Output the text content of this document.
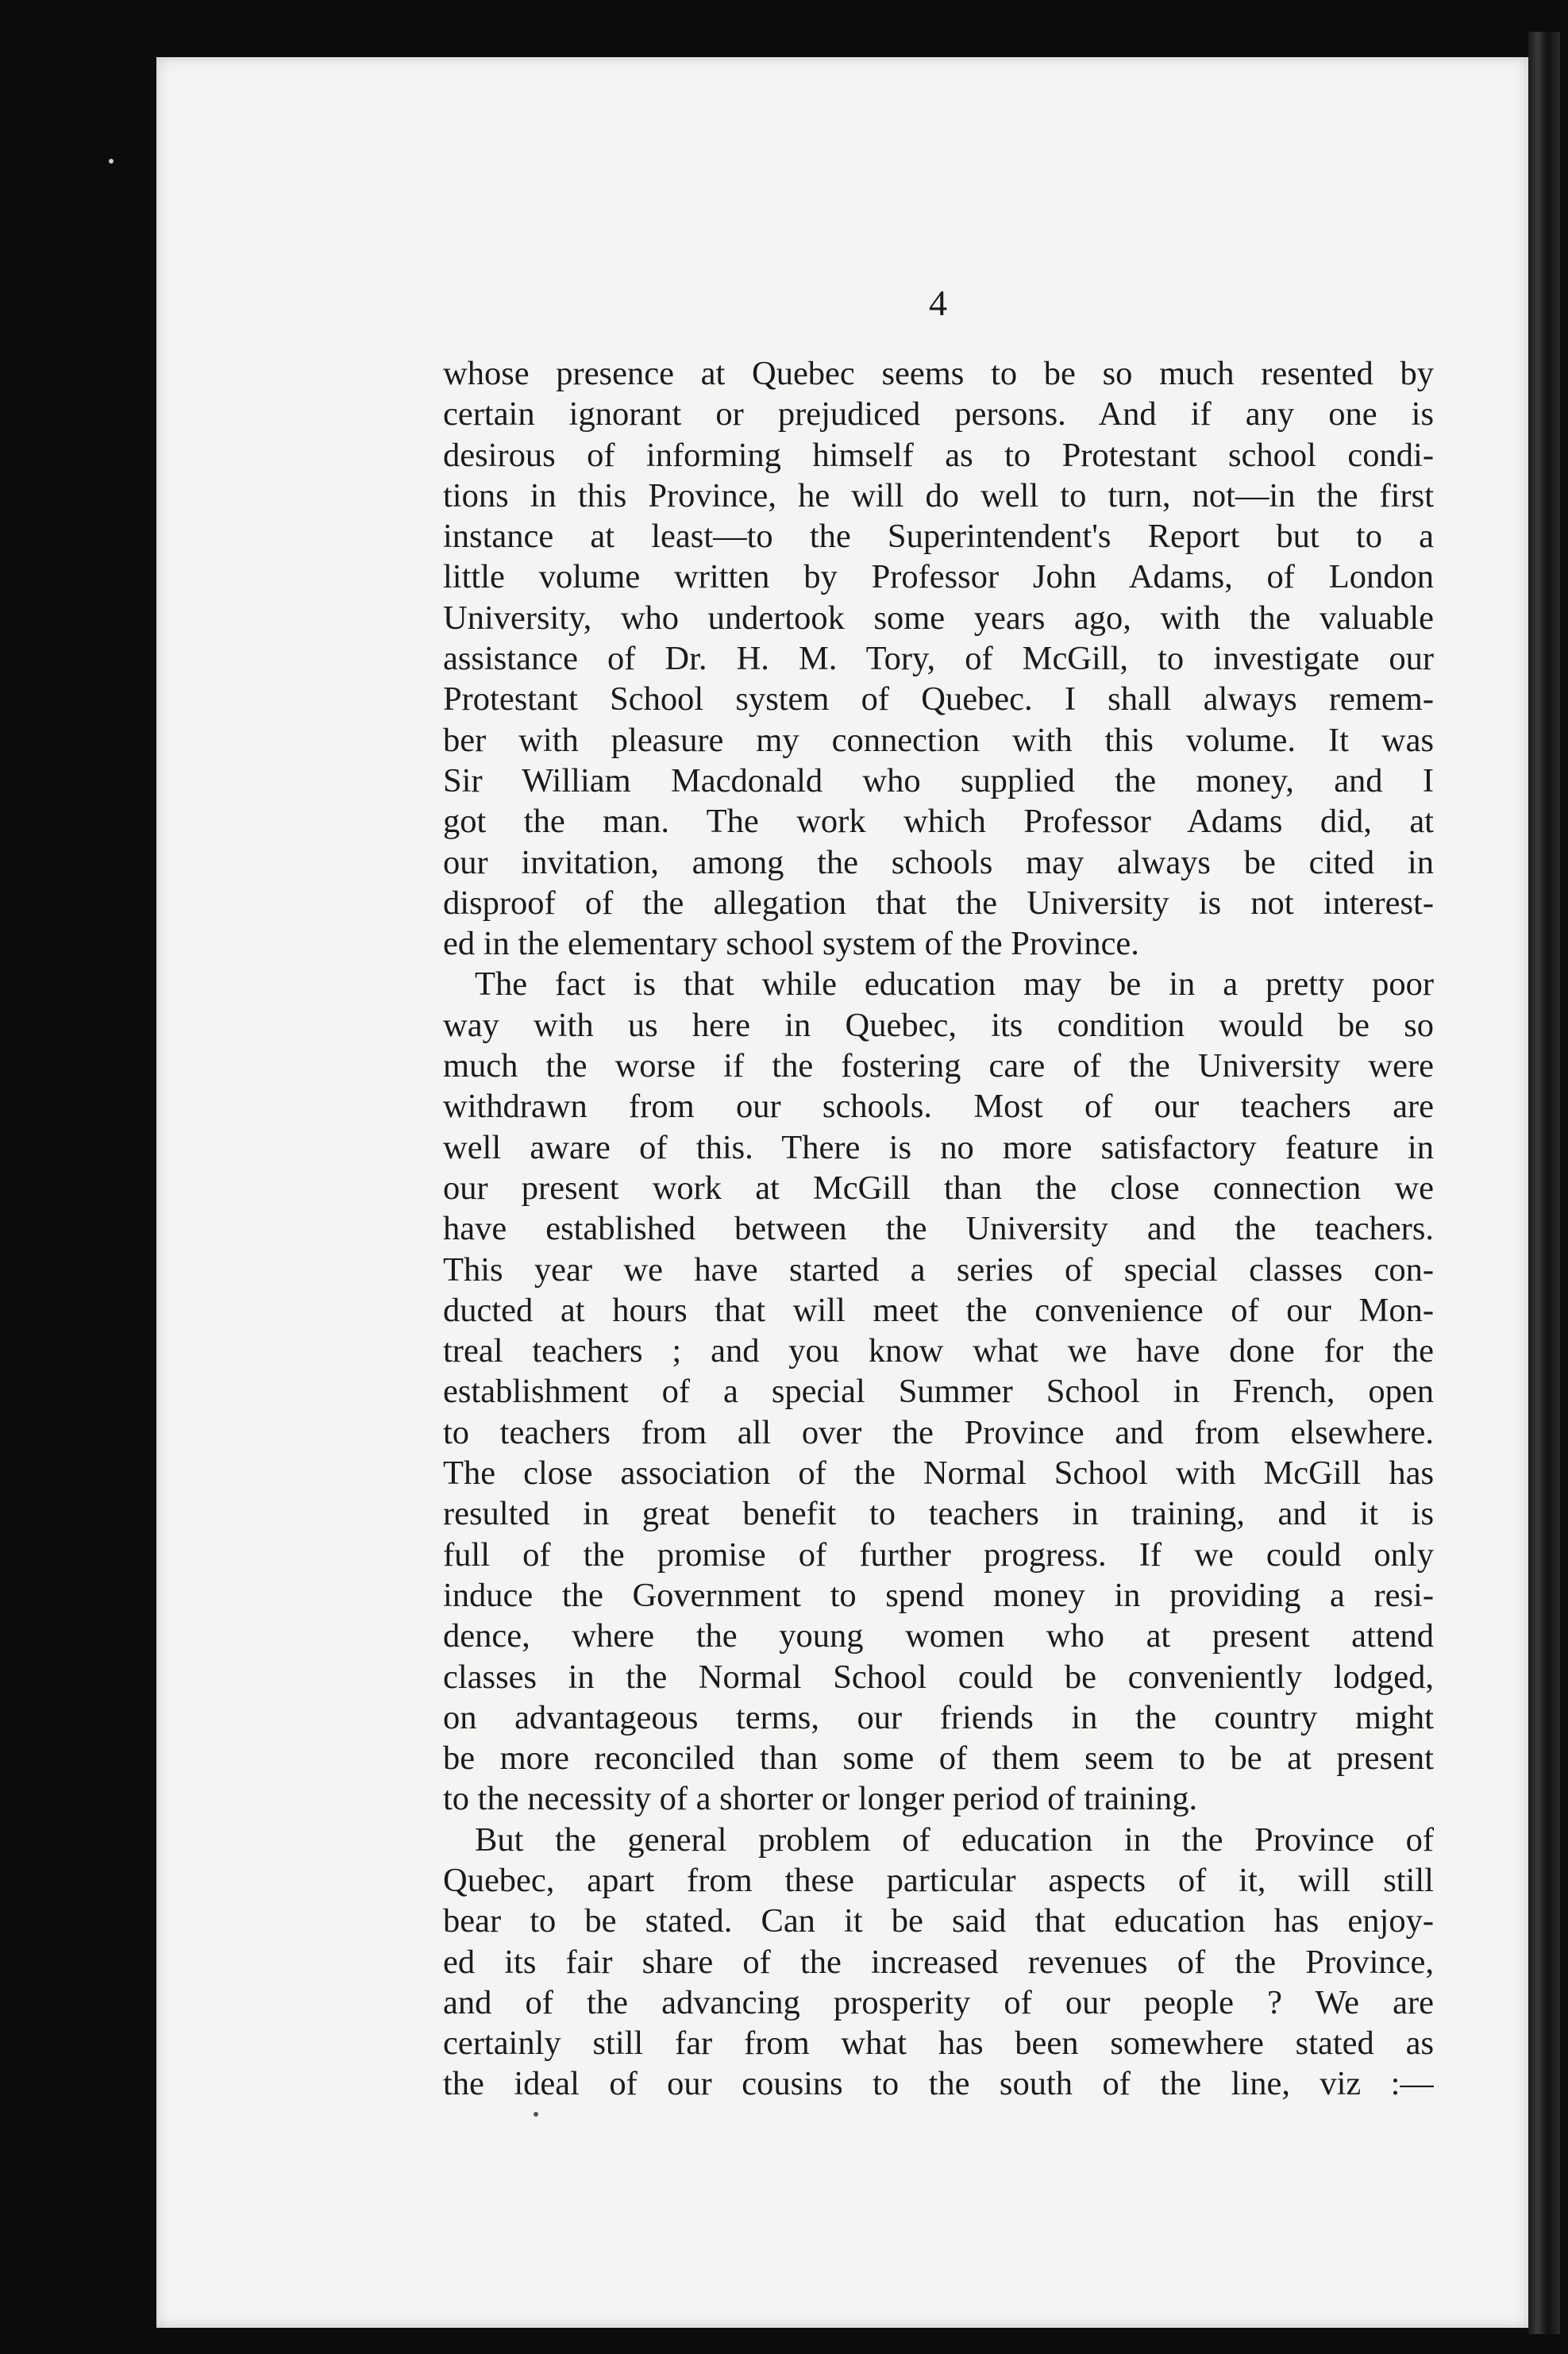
4
whose presence at Quebec seems to be so much resented by
certain ignorant or prejudiced persons. And if any one is
desirous of informing himself as to Protestant school condi-
tions in this Province, he will do well to turn, not—in the first
instance at least—to the Superintendent's Report but to a
little volume written by Professor John Adams, of London
University, who undertook some years ago, with the valuable
assistance of Dr. H. M. Tory, of McGill, to investigate our
Protestant School system of Quebec. I shall always remem-
ber with pleasure my connection with this volume. It was
Sir William Macdonald who supplied the money, and I
got the man. The work which Professor Adams did, at
our invitation, among the schools may always be cited in
disproof of the allegation that the University is not interest-
ed in the elementary school system of the Province.
The fact is that while education may be in a pretty poor
way with us here in Quebec, its condition would be so
much the worse if the fostering care of the University were
withdrawn from our schools. Most of our teachers are
well aware of this. There is no more satisfactory feature in
our present work at McGill than the close connection we
have established between the University and the teachers.
This year we have started a series of special classes con-
ducted at hours that will meet the convenience of our Mon-
treal teachers ; and you know what we have done for the
establishment of a special Summer School in French, open
to teachers from all over the Province and from elsewhere.
The close association of the Normal School with McGill has
resulted in great benefit to teachers in training, and it is
full of the promise of further progress. If we could only
induce the Government to spend money in providing a resi-
dence, where the young women who at present attend
classes in the Normal School could be conveniently lodged,
on advantageous terms, our friends in the country might
be more reconciled than some of them seem to be at present
to the necessity of a shorter or longer period of training.
But the general problem of education in the Province of
Quebec, apart from these particular aspects of it, will still
bear to be stated. Can it be said that education has enjoy-
ed its fair share of the increased revenues of the Province,
and of the advancing prosperity of our people ? We are
certainly still far from what has been somewhere stated as
the ideal of our cousins to the south of the line, viz :—
